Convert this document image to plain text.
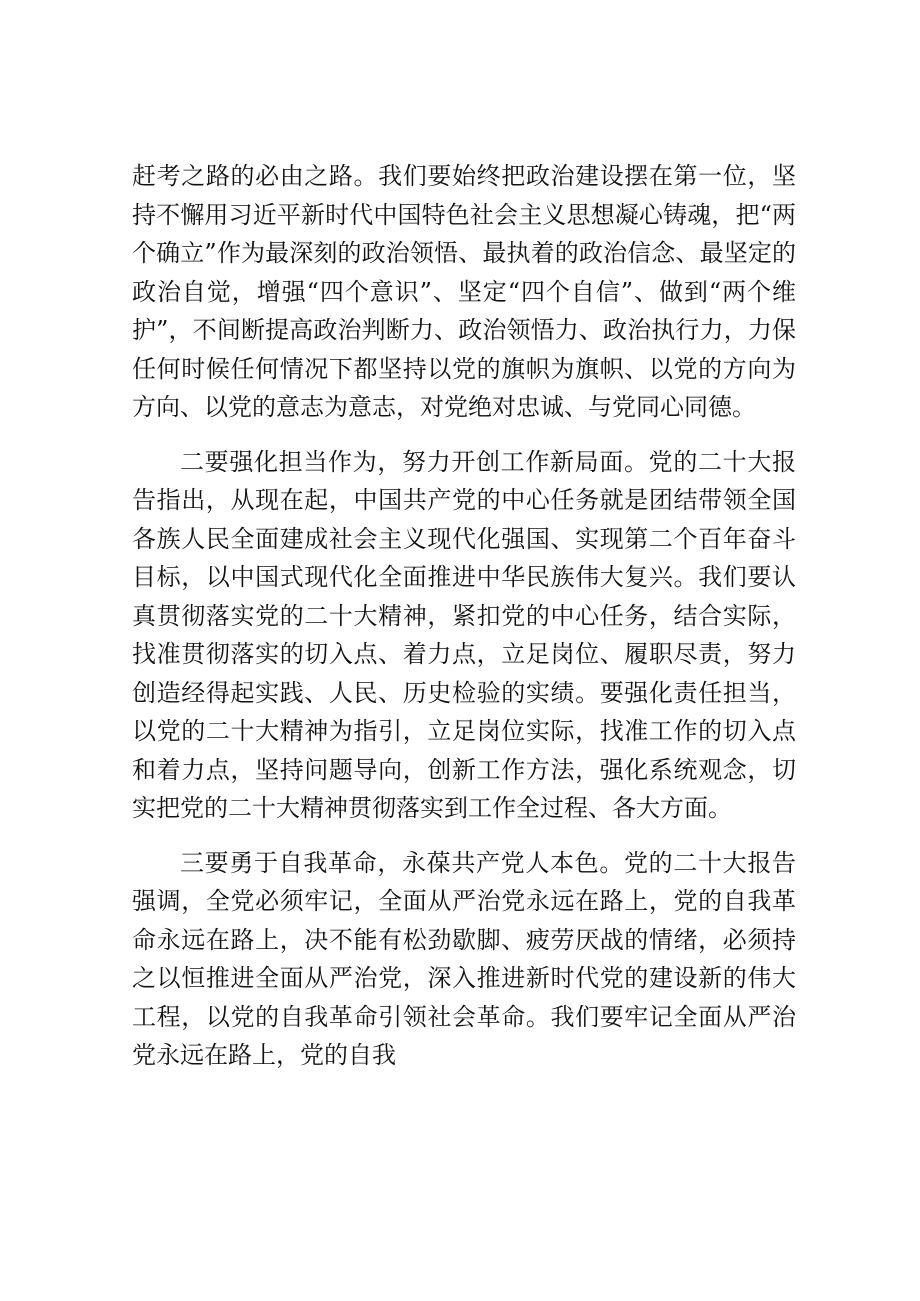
赶考之路的必由之路。我们要始终把政治建设摆在第一位，坚持不懈用习近平新时代中国特色社会主义思想凝心铸魂，把“两个确立”作为最深刻的政治领悟、最执着的政治信念、最坚定的政治自觉，增强“四个意识”、坚定“四个自信”、做到“两个维护”，不间断提高政治判断力、政治领悟力、政治执行力，力保任何时候任何情况下都坚持以党的旗帜为旗帜、以党的方向为方向、以党的意志为意志，对党绝对忠诚、与党同心同德。

二要强化担当作为，努力开创工作新局面。党的二十大报告指出，从现在起，中国共产党的中心任务就是团结带领全国各族人民全面建成社会主义现代化强国、实现第二个百年奋斗目标，以中国式现代化全面推进中华民族伟大复兴。我们要认真贯彻落实党的二十大精神，紧扣党的中心任务，结合实际，找准贯彻落实的切入点、着力点，立足岗位、履职尽责，努力创造经得起实践、人民、历史检验的实绩。要强化责任担当，以党的二十大精神为指引，立足岗位实际，找准工作的切入点和着力点，坚持问题导向，创新工作方法，强化系统观念，切实把党的二十大精神贯彻落实到工作全过程、各大方面。

三要勇于自我革命，永葆共产党人本色。党的二十大报告强调，全党必须牢记，全面从严治党永远在路上，党的自我革命永远在路上，决不能有松劲歇脚、疲劳厌战的情绪，必须持之以恒推进全面从严治党，深入推进新时代党的建设新的伟大工程，以党的自我革命引领社会革命。我们要牢记全面从严治党永远在路上，党的自我
